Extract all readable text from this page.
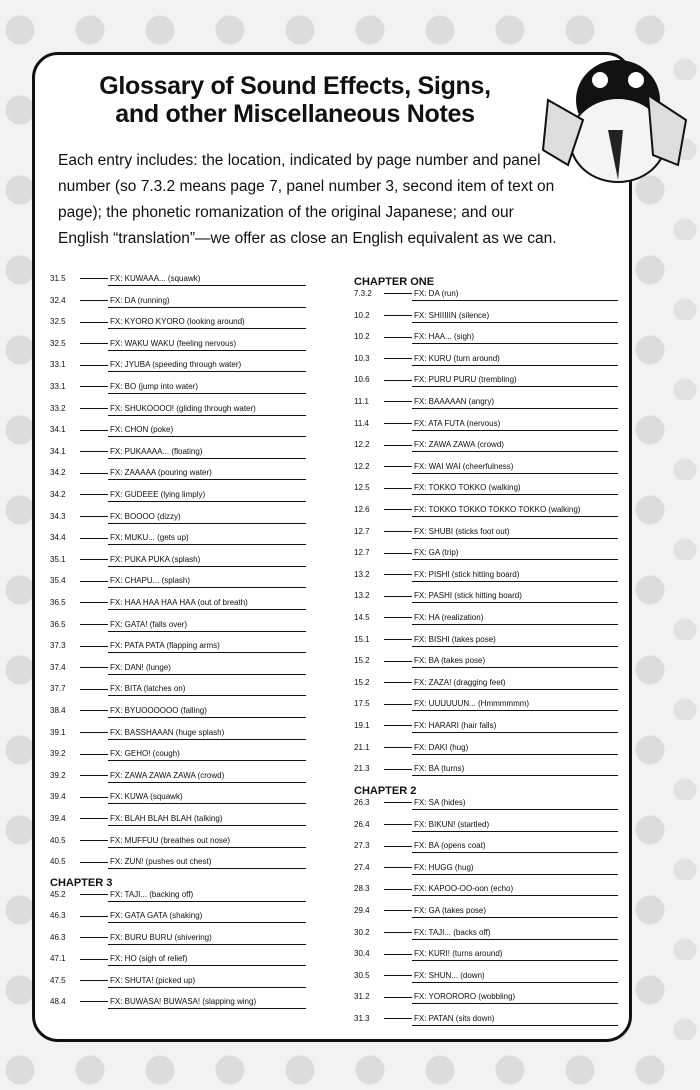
Glossary of Sound Effects, Signs,
and other Miscellaneous Notes
Each entry includes: the location, indicated by page number and panel number (so 7.3.2 means page 7, panel number 3, second item of text on page); the phonetic romanization of the original Japanese; and our English “translation”—we offer as close an English equivalent as we can.
31.5	FX: KUWAAA... (squawk)
32.4	FX: DA (running)
32.5	FX: KYORO KYORO (looking around)
32.5	FX: WAKU WAKU (feeling nervous)
33.1	FX: JYUBA (speeding through water)
33.1	FX: BO (jump into water)
33.2	FX: SHUKOOOO! (gliding through water)
34.1	FX: CHON (poke)
34.1	FX: PUKAAAA... (floating)
34.2	FX: ZAAAAA (pouring water)
34.2	FX: GUDEEE (lying limply)
34.3	FX: BOOOO (dizzy)
34.4	FX: MUKU... (gets up)
35.1	FX: PUKA PUKA (splash)
35.4	FX: CHAPU... (splash)
36.5	FX: HAA HAA HAA HAA (out of breath)
36.5	FX: GATA! (falls over)
37.3	FX: PATA PATA (flapping arms)
37.4	FX: DAN! (lunge)
37.7	FX: BITA (latches on)
38.4	FX: BYUOOOOOO (falling)
39.1	FX: BASSHAAAN (huge splash)
39.2	FX: GEHO! (cough)
39.2	FX: ZAWA ZAWA ZAWA (crowd)
39.4	FX: KUWA (squawk)
39.4	FX: BLAH BLAH BLAH (talking)
40.5	FX: MUFFUU (breathes out nose)
40.5	FX: ZUN! (pushes out chest)
CHAPTER 3
45.2	FX: TAJI... (backing off)
46.3	FX: GATA GATA (shaking)
46.3	FX: BURU BURU (shivering)
47.1	FX: HO (sigh of relief)
47.5	FX: SHUTA! (picked up)
48.4	FX: BUWASA! BUWASA! (slapping wing)
CHAPTER ONE
7.3.2	FX: DA (run)
10.2	FX: SHIIIIIN (silence)
10.2	FX: HAA... (sigh)
10.3	FX: KURU (turn around)
10.6	FX: PURU PURU (trembling)
11.1	FX: BAAAAAN (angry)
11.4	FX: ATA FUTA (nervous)
12.2	FX: ZAWA ZAWA (crowd)
12.2	FX: WAI WAI (cheerfulness)
12.5	FX: TOKKO TOKKO (walking)
12.6	FX: TOKKO TOKKO TOKKO TOKKO (walking)
12.7	FX: SHUBI (sticks foot out)
12.7	FX: GA (trip)
13.2	FX: PISHI (stick hitting board)
13.2	FX: PASHI (stick hitting board)
14.5	FX: HA (realization)
15.1	FX: BISHI (takes pose)
15.2	FX: BA (takes pose)
15.2	FX: ZAZA! (dragging feet)
17.5	FX: UUUUUUN... (Hmmmmmm)
19.1	FX: HARARI (hair falls)
21.1	FX: DAKI (hug)
21.3	FX: BA (turns)
CHAPTER 2
26.3	FX: SA (hides)
26.4	FX: BIKUN! (startled)
27.3	FX: BA (opens coat)
27.4	FX: HUGG (hug)
28.3	FX: KAPOO-OO-oon (echo)
29.4	FX: GA (takes pose)
30.2	FX: TAJI... (backs off)
30.4	FX: KURI! (turns around)
30.5	FX: SHUN... (down)
31.2	FX: YORORORO (wobbling)
31.3	FX: PATAN (sits down)
